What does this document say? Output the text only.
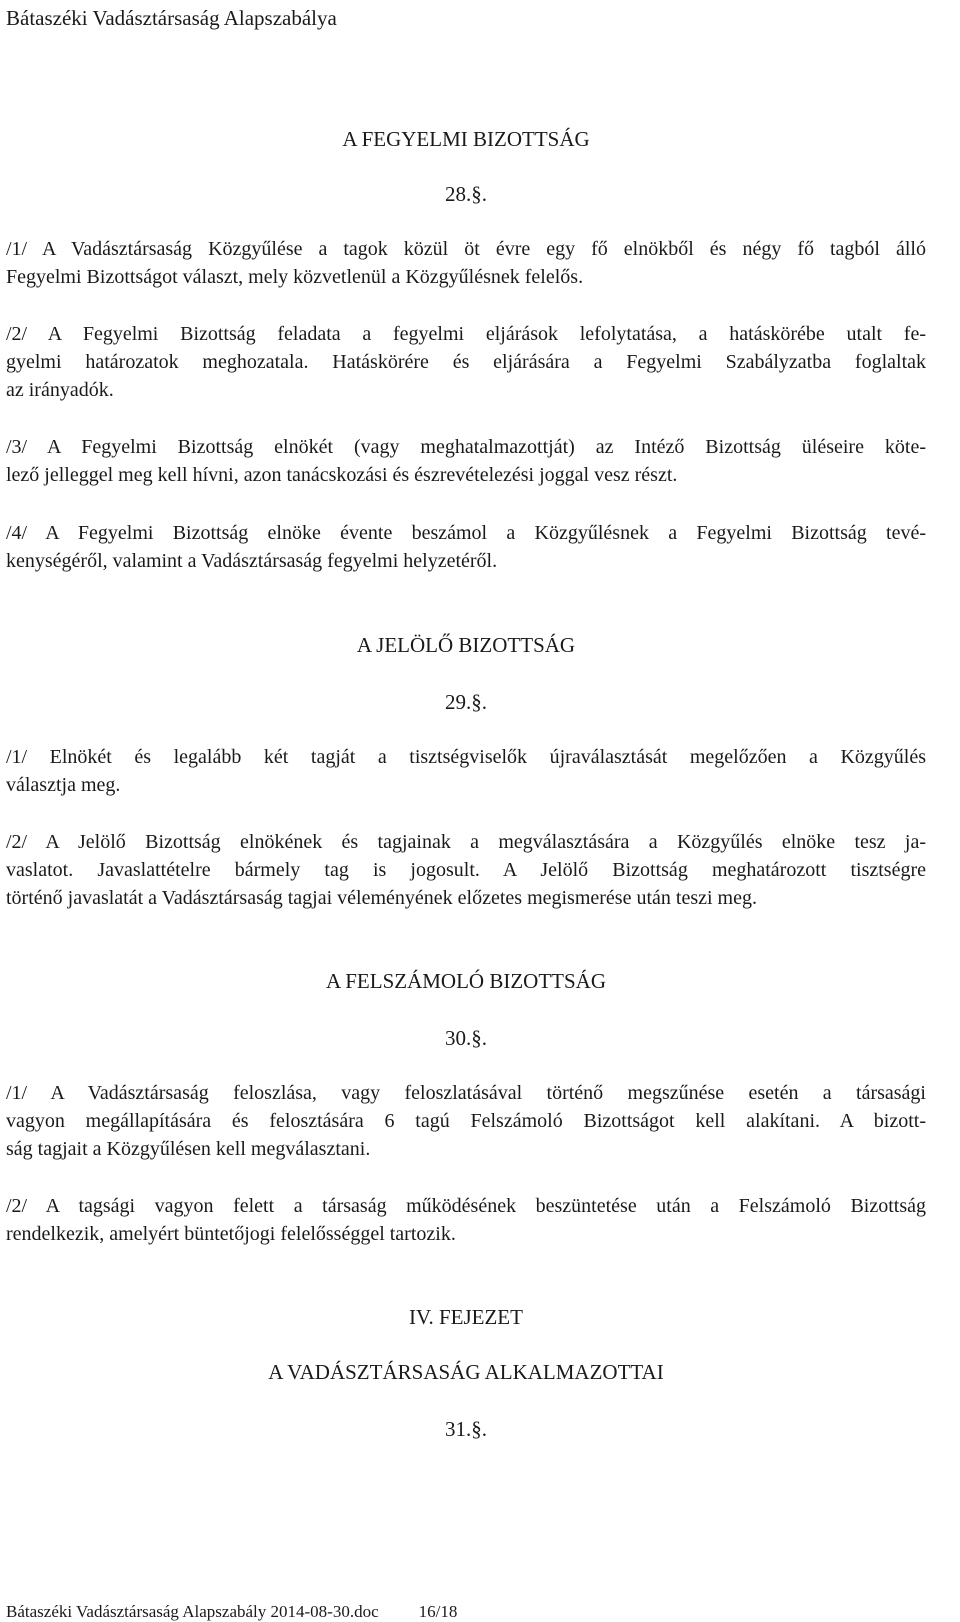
Bátaszéki Vadásztársaság Alapszabálya
A FEGYELMI BIZOTTSÁG
28.§.
/1/ A Vadásztársaság Közgyűlése a tagok közül öt évre egy fő elnökből és négy fő tagból álló
Fegyelmi Bizottságot választ, mely közvetlenül a Közgyűlésnek felelős.
/2/ A Fegyelmi Bizottság feladata a fegyelmi eljárások lefolytatása, a hatáskörébe utalt fe-
gyelmi határozatok meghozatala. Hatáskörére és eljárására a Fegyelmi Szabályzatba foglaltak
az irányadók.
/3/ A Fegyelmi Bizottság elnökét (vagy meghatalmazottját) az Intéző Bizottság üléseire köte-
lező jelleggel meg kell hívni, azon tanácskozási és észrevételezési joggal vesz részt.
/4/ A Fegyelmi Bizottság elnöke évente beszámol a Közgyűlésnek a Fegyelmi Bizottság tevé-
kenységéről, valamint a Vadásztársaság fegyelmi helyzetéről.
A JELÖLŐ BIZOTTSÁG
29.§.
/1/ Elnökét és legalább két tagját a tisztségviselők újraválasztását megelőzően a Közgyűlés
választja meg.
/2/ A Jelölő Bizottság elnökének és tagjainak a megválasztására a Közgyűlés elnöke tesz ja-
vaslatot. Javaslattételre bármely tag is jogosult. A Jelölő Bizottság meghatározott tisztségre
történő javaslatát a Vadásztársaság tagjai véleményének előzetes megismerése után teszi meg.
A FELSZÁMOLÓ BIZOTTSÁG
30.§.
/1/ A Vadásztársaság feloszlása, vagy feloszlatásával történő megszűnése esetén a társasági
vagyon megállapítására és felosztására 6 tagú Felszámoló Bizottságot kell alakítani. A bizott-
ság tagjait a Közgyűlésen kell megválasztani.
/2/ A tagsági vagyon felett a társaság működésének beszüntetése után a Felszámoló Bizottság
rendelkezik, amelyért büntetőjogi felelősséggel tartozik.
IV. FEJEZET
A VADÁSZTÁRSASÁG ALKALMAZOTTAI
31.§.
Bátaszéki Vadásztársaság Alapszabály 2014-08-30.doc 16/18
